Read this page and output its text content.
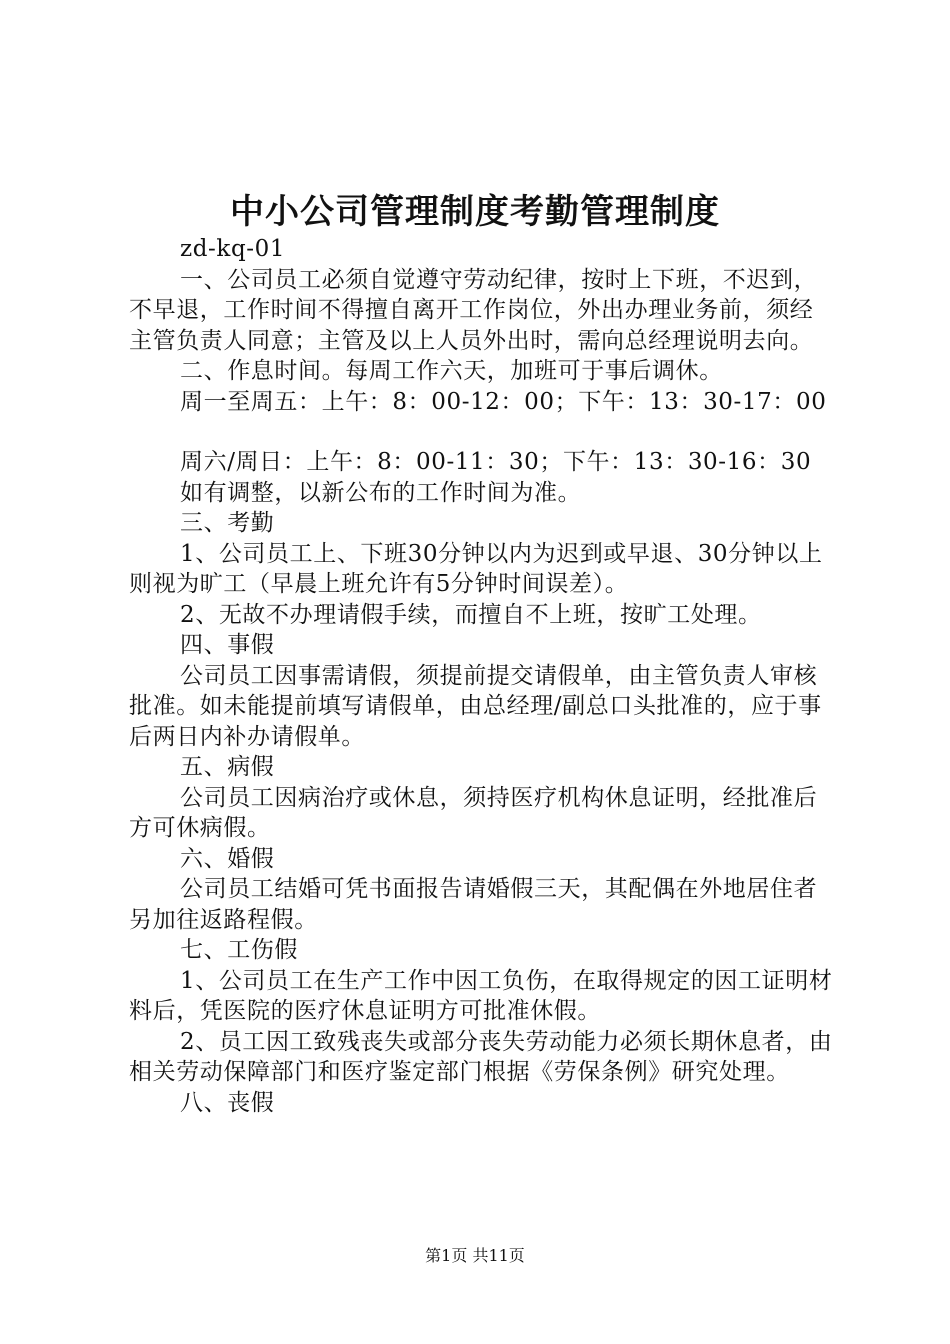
中小公司管理制度考勤管理制度

zd-kq-01

一、公司员工必须自觉遵守劳动纪律，按时上下班，不迟到，不早退，工作时间不得擅自离开工作岗位，外出办理业务前，须经主管负责人同意；主管及以上人员外出时，需向总经理说明去向。

二、作息时间。每周工作六天，加班可于事后调休。

周一至周五：上午：8：00-12：00；下午：13：30-17：00

周六/周日：上午：8：00-11：30；下午：13：30-16：30

如有调整，以新公布的工作时间为准。

三、考勤

1、公司员工上、下班30分钟以内为迟到或早退、30分钟以上则视为旷工（早晨上班允许有5分钟时间误差）。

2、无故不办理请假手续，而擅自不上班，按旷工处理。

四、事假

公司员工因事需请假，须提前提交请假单，由主管负责人审核批准。如未能提前填写请假单，由总经理/副总口头批准的，应于事后两日内补办请假单。

五、病假

公司员工因病治疗或休息，须持医疗机构休息证明，经批准后方可休病假。

六、婚假

公司员工结婚可凭书面报告请婚假三天，其配偶在外地居住者另加往返路程假。

七、工伤假

1、公司员工在生产工作中因工负伤，在取得规定的因工证明材料后，凭医院的医疗休息证明方可批准休假。

2、员工因工致残丧失或部分丧失劳动能力必须长期休息者，由相关劳动保障部门和医疗鉴定部门根据《劳保条例》研究处理。

八、丧假

第1页 共11页
